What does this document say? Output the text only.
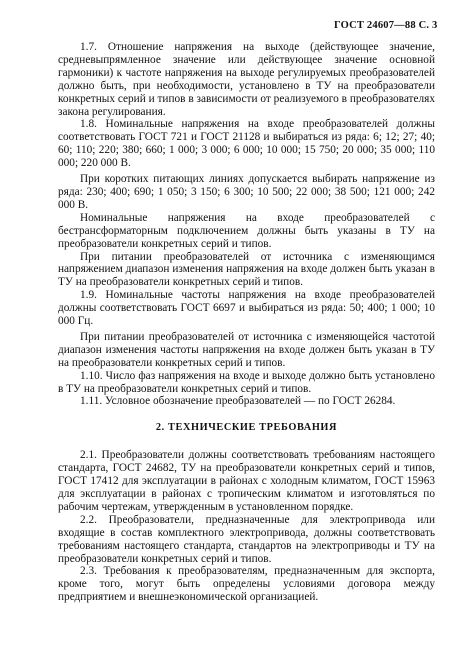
ГОСТ 24607—88 С. 3

1.7. Отношение напряжения на выходе (действующее значение, средневыпрямленное значение или действующее значение основной гармоники) к частоте напряжения на выходе регулируемых преобразователей должно быть, при необходимости, установлено в ТУ на преобразователи конкретных серий и типов в зависимости от реализуемого в преобразователях закона регулирования.

1.8. Номинальные напряжения на входе преобразователей должны соответствовать ГОСТ 721 и ГОСТ 21128 и выбираться из ряда: 6; 12; 27; 40; 60; 110; 220; 380; 660; 1 000; 3 000; 6 000; 10 000; 15 750; 20 000; 35 000; 110 000; 220 000 В.

При коротких питающих линиях допускается выбирать напряжение из ряда: 230; 400; 690; 1 050; 3 150; 6 300; 10 500; 22 000; 38 500; 121 000; 242 000 В.

Номинальные напряжения на входе преобразователей с бестрансформаторным подключением должны быть указаны в ТУ на преобразователи конкретных серий и типов.

При питании преобразователей от источника с изменяющимся напряжением диапазон изменения напряжения на входе должен быть указан в ТУ на преобразователи конкретных серий и типов.

1.9. Номинальные частоты напряжения на входе преобразователей должны соответствовать ГОСТ 6697 и выбираться из ряда: 50; 400; 1 000; 10 000 Гц.

При питании преобразователей от источника с изменяющейся частотой диапазон изменения частоты напряжения на входе должен быть указан в ТУ на преобразователи конкретных серий и типов.

1.10. Число фаз напряжения на входе и выходе должно быть установлено в ТУ на преобразователи конкретных серий и типов.

1.11. Условное обозначение преобразователей — по ГОСТ 26284.

2. ТЕХНИЧЕСКИЕ ТРЕБОВАНИЯ

2.1. Преобразователи должны соответствовать требованиям настоящего стандарта, ГОСТ 24682, ТУ на преобразователи конкретных серий и типов, ГОСТ 17412 для эксплуатации в районах с холодным климатом, ГОСТ 15963 для эксплуатации в районах с тропическим климатом и изготовляться по рабочим чертежам, утвержденным в установленном порядке.

2.2. Преобразователи, предназначенные для электропривода или входящие в состав комплектного электропривода, должны соответствовать требованиям настоящего стандарта, стандартов на электроприводы и ТУ на преобразователи конкретных серий и типов.

2.3. Требования к преобразователям, предназначенным для экспорта, кроме того, могут быть определены условиями договора между предприятием и внешнеэкономической организацией.
